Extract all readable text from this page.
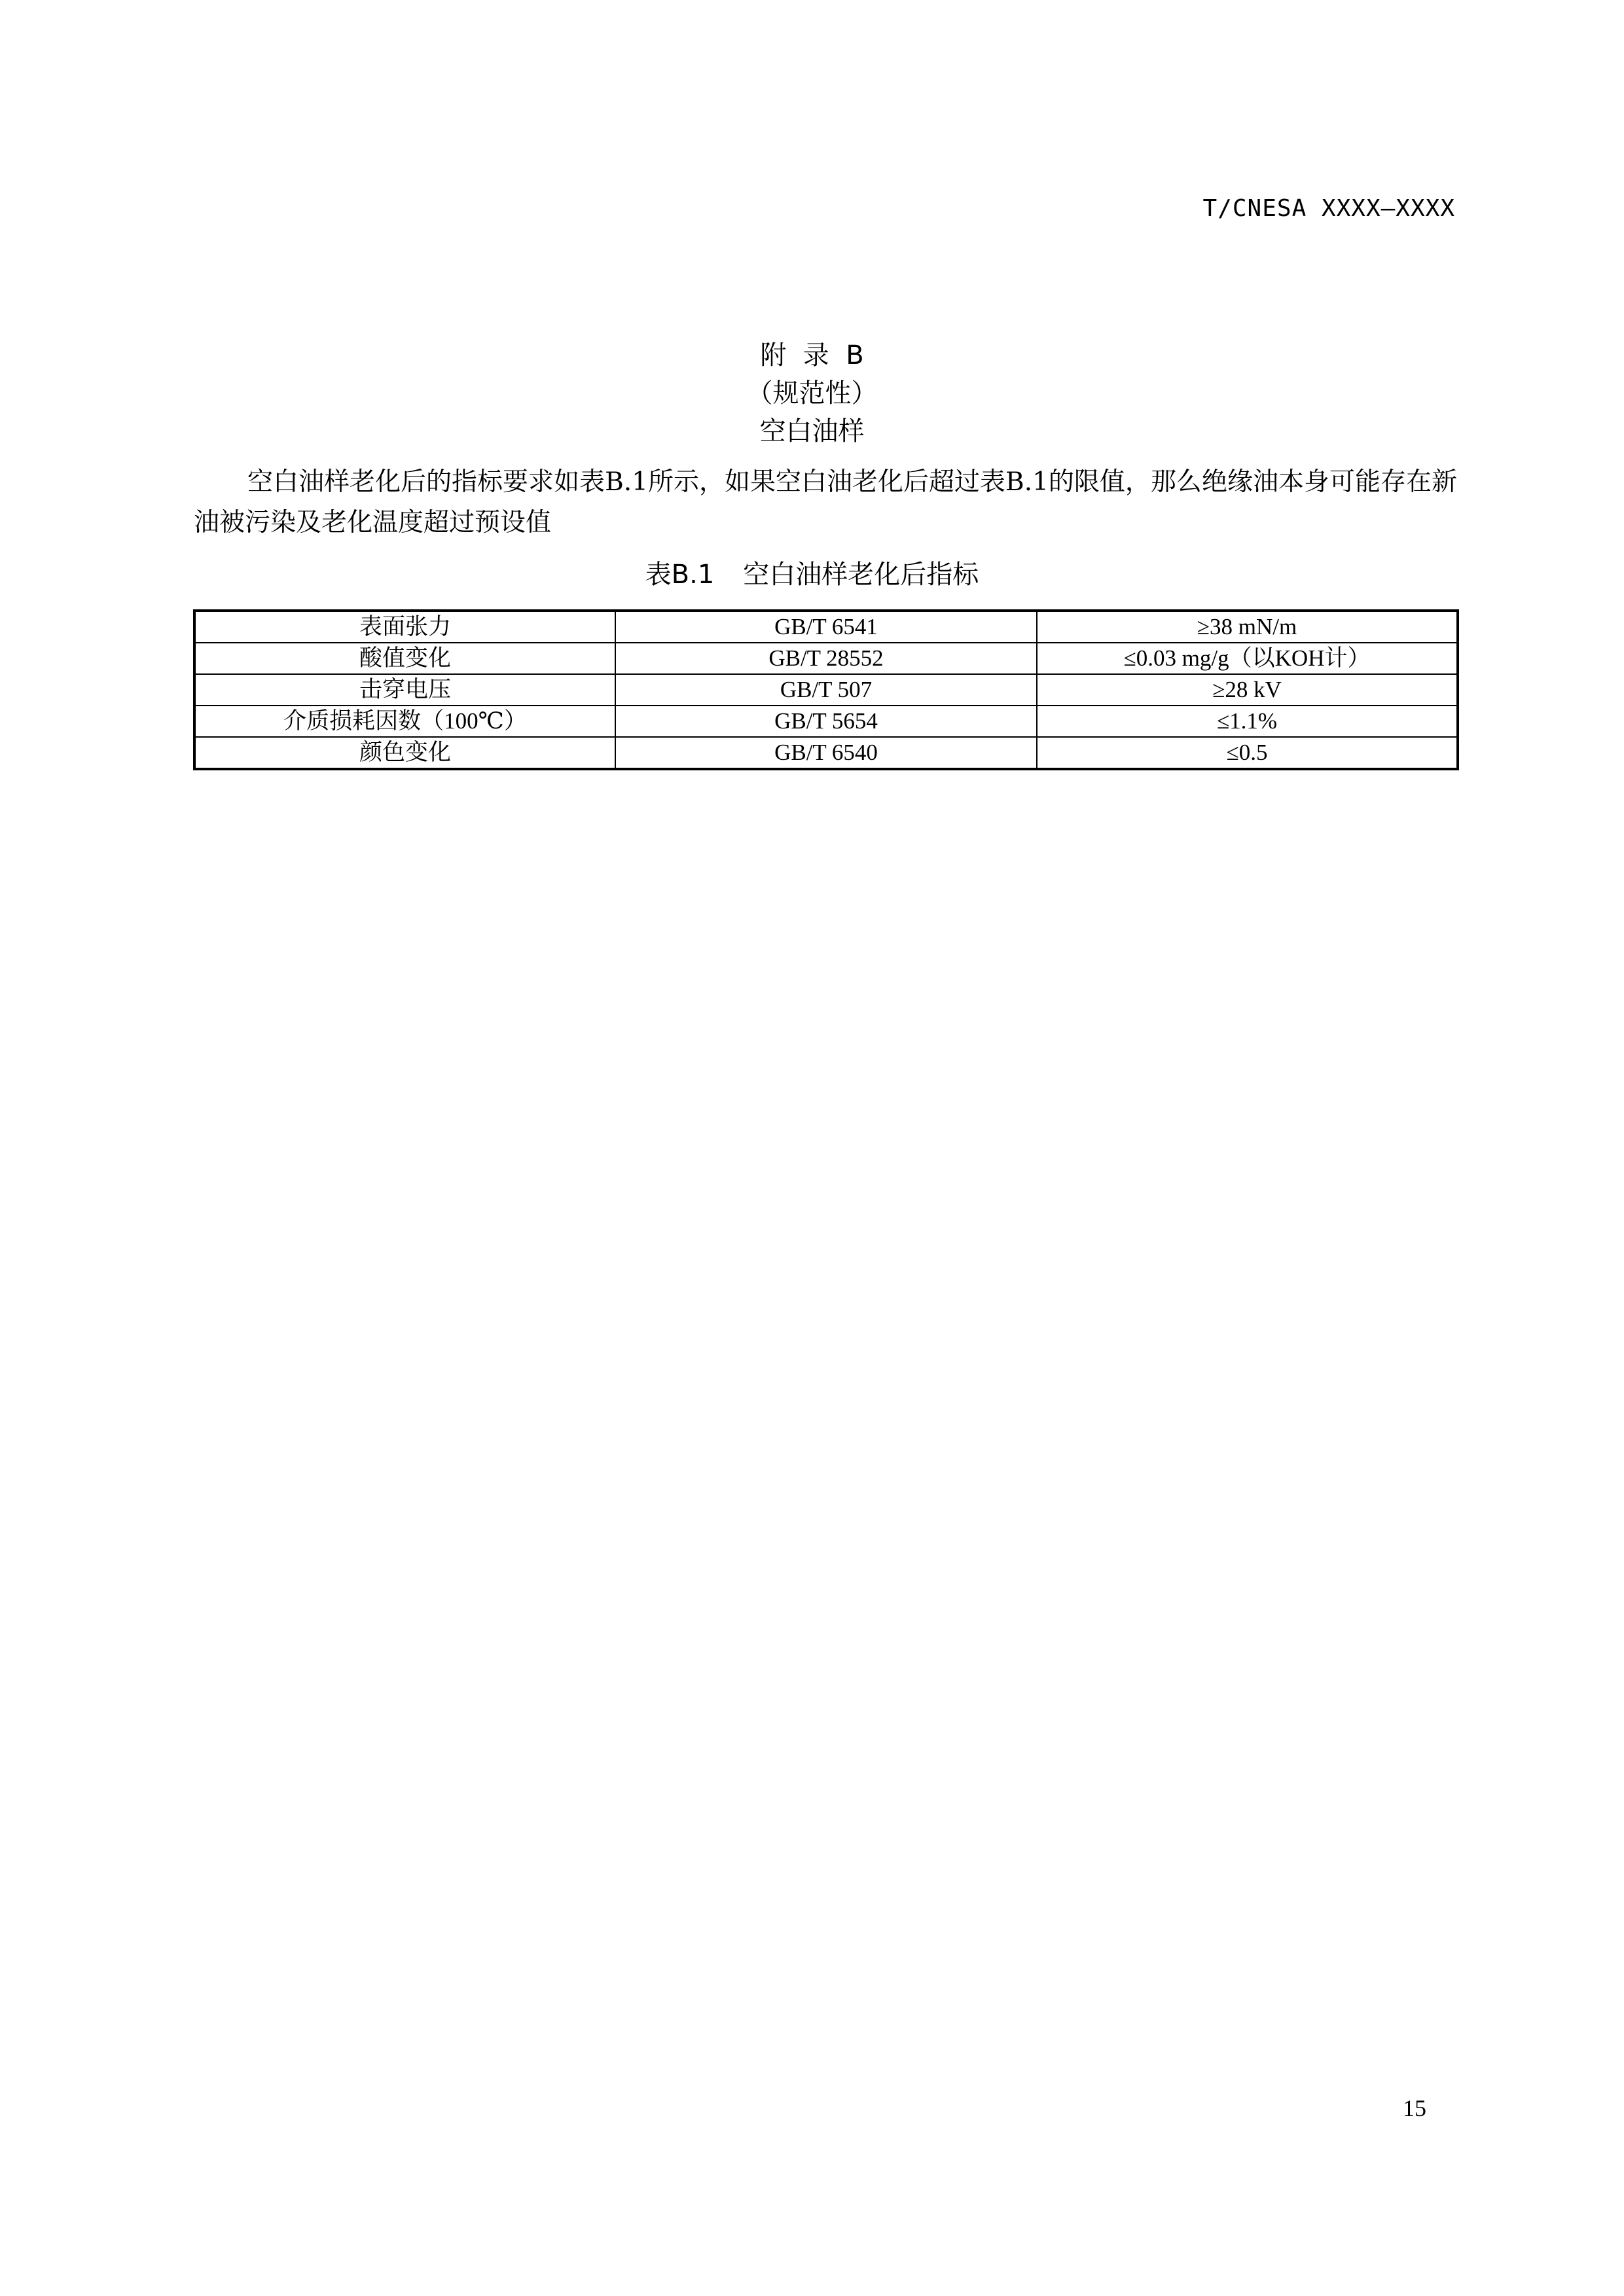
T/CNESA XXXX—XXXX
附  录  B
（规范性）
空白油样

空白油样老化后的指标要求如表B.1所示，如果空白油老化后超过表B.1的限值，那么绝缘油本身可能存在新油被污染及老化温度超过预设值

表B.1 空白油样老化后指标
表面张力	GB/T 6541	≥38 mN/m
酸值变化	GB/T 28552	≤0.03 mg/g（以KOH计）
击穿电压	GB/T 507	≥28 kV
介质损耗因数（100℃）	GB/T 5654	≤1.1%
颜色变化	GB/T 6540	≤0.5
15
